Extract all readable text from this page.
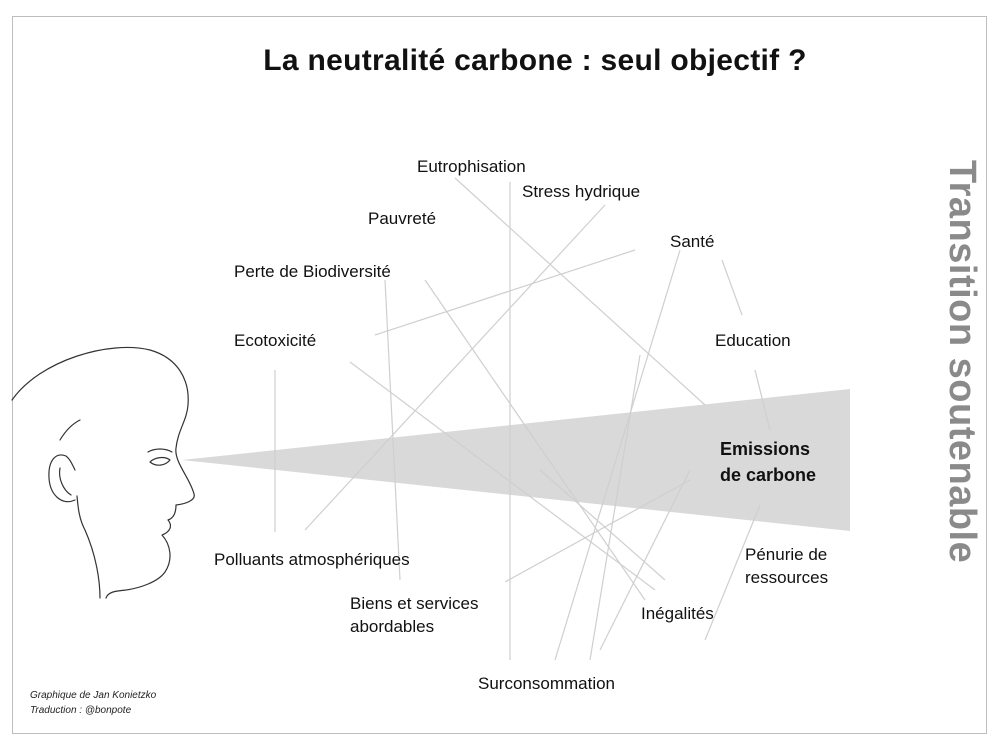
La neutralité carbone : seul objectif ?
Eutrophisation
Stress hydrique
Pauvreté
Santé
Perte de Biodiversité
Ecotoxicité	Education
Emissions
de carbone
Pénurie de
ressources
Polluants atmosphériques
Biens et services
abordables
Inégalités
Surconsommation
Transition soutenable
Graphique de Jan Konietzko
Traduction : @bonpote
